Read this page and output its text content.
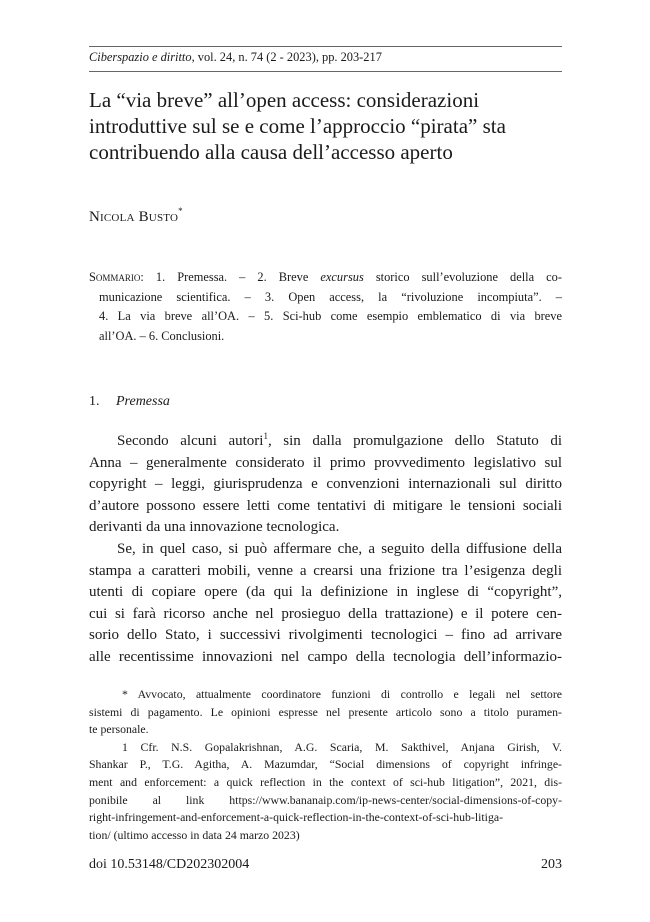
Ciberspazio e diritto, vol. 24, n. 74 (2 - 2023), pp. 203-217
La “via breve” all’open access: considerazioni
introduttive sul se e come l’approccio “pirata” sta
contribuendo alla causa dell’accesso aperto
Nicola Busto*
Sommario: 1. Premessa. – 2. Breve excursus storico sull’evoluzione della co-
municazione scientifica. – 3. Open access, la “rivoluzione incompiuta”. –
4. La via breve all’OA. – 5. Sci-hub come esempio emblematico di via breve
all’OA. – 6. Conclusioni.
1. Premessa
Secondo alcuni autori$^1$, sin dalla promulgazione dello Statuto di
Anna – generalmente considerato il primo provvedimento legislativo sul
copyright – leggi, giurisprudenza e convenzioni internazionali sul diritto
d’autore possono essere letti come tentativi di mitigare le tensioni sociali
derivanti da una innovazione tecnologica.
Se, in quel caso, si può affermare che, a seguito della diffusione della
stampa a caratteri mobili, venne a crearsi una frizione tra l’esigenza degli
utenti di copiare opere (da qui la definizione in inglese di “copyright”,
cui si farà ricorso anche nel prosieguo della trattazione) e il potere cen-
sorio dello Stato, i successivi rivolgimenti tecnologici – fino ad arrivare
alle recentissime innovazioni nel campo della tecnologia dell’informazio-
* Avvocato, attualmente coordinatore funzioni di controllo e legali nel settore
sistemi di pagamento. Le opinioni espresse nel presente articolo sono a titolo puramen-
te personale.
1 Cfr. N.S. Gopalakrishnan, A.G. Scaria, M. Sakthivel, Anjana Girish, V.
Shankar P., T.G. Agitha, A. Mazumdar, “Social dimensions of copyright infringe-
ment and enforcement: a quick reflection in the context of sci-hub litigation”, 2021, dis-
ponibile al link https://www.bananaip.com/ip-news-center/social-dimensions-of-copy-
right-infringement-and-enforcement-a-quick-reflection-in-the-context-of-sci-hub-litiga-
tion/ (ultimo accesso in data 24 marzo 2023)
doi 10.53148/CD202302004	203
